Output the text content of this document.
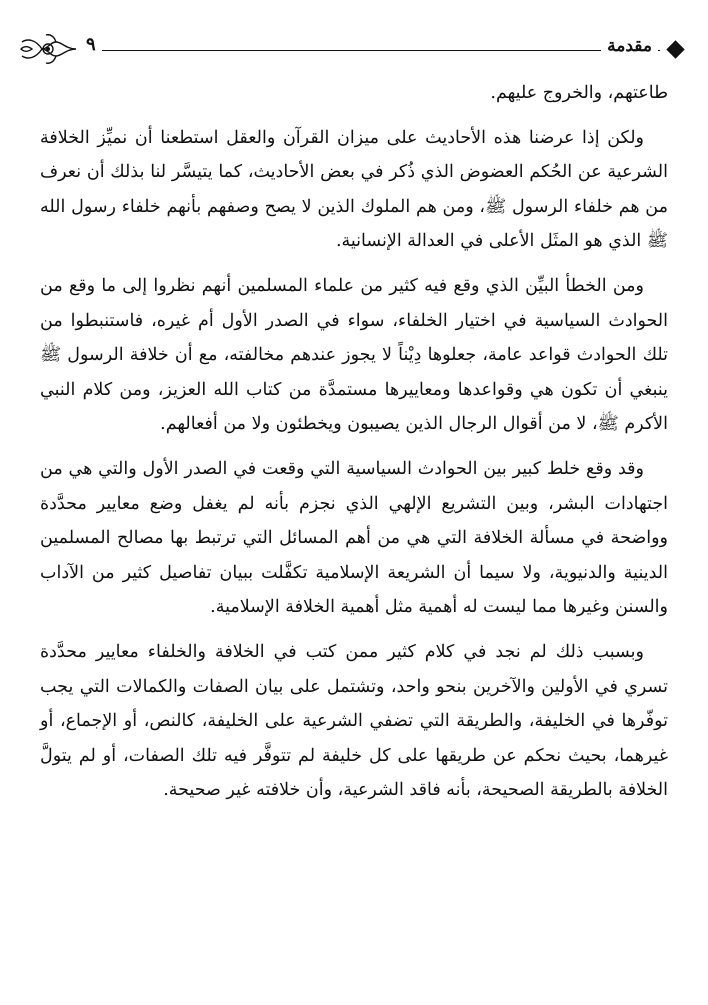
مقدمة
٩

طاعتهم، والخروج عليهم.

ولكن إذا عرضنا هذه الأحاديث على ميزان القرآن والعقل استطعنا أن نميِّز الخلافة الشرعية عن الحُكم العضوض الذي ذُكر في بعض الأحاديث، كما يتيسَّر لنا بذلك أن نعرف من هم خلفاء الرسول ﷺ، ومن هم الملوك الذين لا يصح وصفهم بأنهم خلفاء رسول الله ﷺ الذي هو المثَل الأعلى في العدالة الإنسانية.

ومن الخطأ البيِّن الذي وقع فيه كثير من علماء المسلمين أنهم نظروا إلى ما وقع من الحوادث السياسية في اختيار الخلفاء، سواء في الصدر الأول أم غيره، فاستنبطوا من تلك الحوادث قواعد عامة، جعلوها دِيْناً لا يجوز عندهم مخالفته، مع أن خلافة الرسول ﷺ ينبغي أن تكون هي وقواعدها ومعاييرها مستمدَّة من كتاب الله العزيز، ومن كلام النبي الأكرم ﷺ، لا من أقوال الرجال الذين يصيبون ويخطئون ولا من أفعالهم.

وقد وقع خلط كبير بين الحوادث السياسية التي وقعت في الصدر الأول والتي هي من اجتهادات البشر، وبين التشريع الإلهي الذي نجزم بأنه لم يغفل وضع معايير محدَّدة وواضحة في مسألة الخلافة التي هي من أهم المسائل التي ترتبط بها مصالح المسلمين الدينية والدنيوية، ولا سيما أن الشريعة الإسلامية تكفَّلت ببيان تفاصيل كثير من الآداب والسنن وغيرها مما ليست له أهمية مثل أهمية الخلافة الإسلامية.

وبسبب ذلك لم نجد في كلام كثير ممن كتب في الخلافة والخلفاء معايير محدَّدة تسري في الأولين والآخرين بنحو واحد، وتشتمل على بيان الصفات والكمالات التي يجب توفّرها في الخليفة، والطريقة التي تضفي الشرعية على الخليفة، كالنص، أو الإجماع، أو غيرهما، بحيث نحكم عن طريقها على كل خليفة لم تتوفَّر فيه تلك الصفات، أو لم يتولَّ الخلافة بالطريقة الصحيحة، بأنه فاقد الشرعية، وأن خلافته غير صحيحة.
